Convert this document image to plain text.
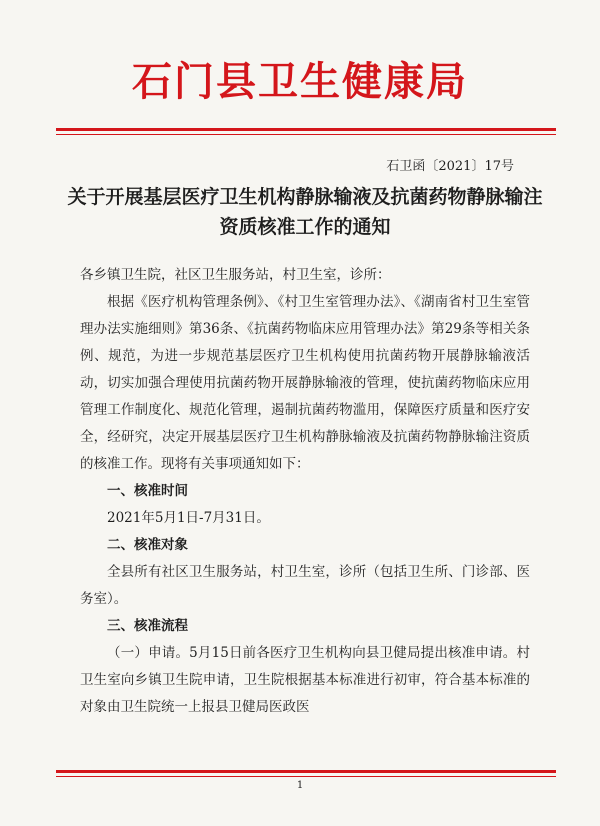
石门县卫生健康局
石卫函〔2021〕17号
关于开展基层医疗卫生机构静脉输液及抗菌药物静脉输注资质核准工作的通知

各乡镇卫生院，社区卫生服务站，村卫生室，诊所：

根据《医疗机构管理条例》、《村卫生室管理办法》、《湖南省村卫生室管理办法实施细则》第36条、《抗菌药物临床应用管理办法》第29条等相关条例、规范，为进一步规范基层医疗卫生机构使用抗菌药物开展静脉输液活动，切实加强合理使用抗菌药物开展静脉输液的管理，使抗菌药物临床应用管理工作制度化、规范化管理，遏制抗菌药物滥用，保障医疗质量和医疗安全，经研究，决定开展基层医疗卫生机构静脉输液及抗菌药物静脉输注资质的核准工作。现将有关事项通知如下：

一、核准时间

2021年5月1日-7月31日。

二、核准对象

全县所有社区卫生服务站，村卫生室，诊所（包括卫生所、门诊部、医务室）。

三、核准流程

（一）申请。5月15日前各医疗卫生机构向县卫健局提出核准申请。村卫生室向乡镇卫生院申请，卫生院根据基本标准进行初审，符合基本标准的对象由卫生院统一上报县卫健局医政医

1
